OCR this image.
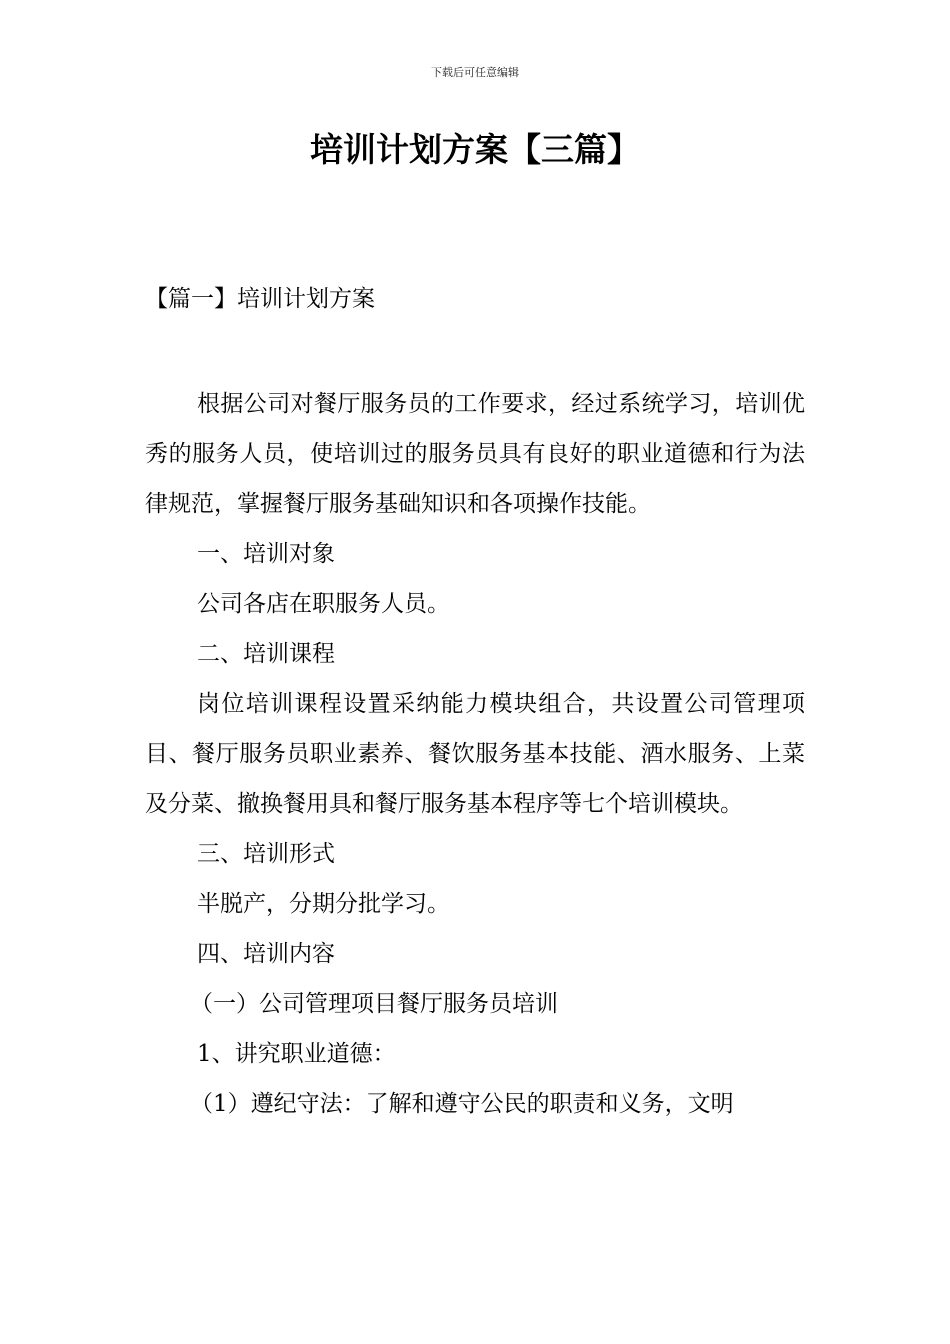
下载后可任意编辑
培训计划方案【三篇】
【篇一】培训计划方案

根据公司对餐厅服务员的工作要求，经过系统学习，培训优秀的服务人员，使培训过的服务员具有良好的职业道德和行为法律规范，掌握餐厅服务基础知识和各项操作技能。

一、培训对象

公司各店在职服务人员。

二、培训课程

岗位培训课程设置采纳能力模块组合，共设置公司管理项目、餐厅服务员职业素养、餐饮服务基本技能、酒水服务、上菜及分菜、撤换餐用具和餐厅服务基本程序等七个培训模块。

三、培训形式

半脱产，分期分批学习。

四、培训内容

（一）公司管理项目餐厅服务员培训

1、讲究职业道德：

（1）遵纪守法：了解和遵守公民的职责和义务，文明
